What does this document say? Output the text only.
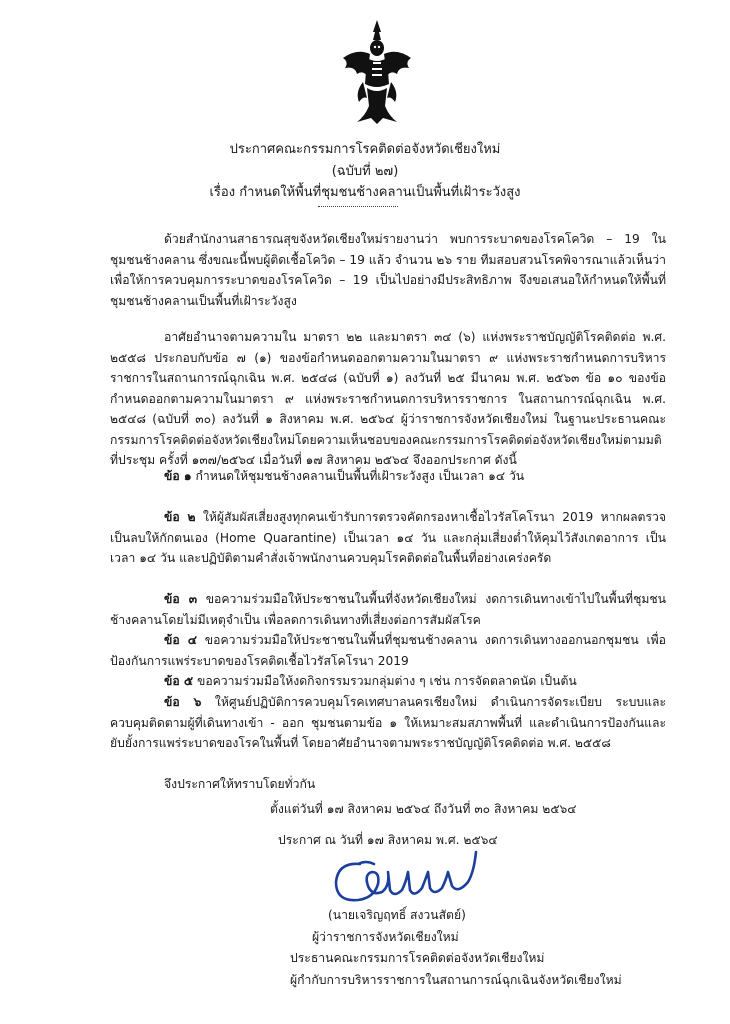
ประกาศคณะกรรมการโรคติดต่อจังหวัดเชียงใหม่
(ฉบับที่ ๒๗)
เรื่อง กำหนดให้พื้นที่ชุมชนช้างคลานเป็นพื้นที่เฝ้าระวังสูง

ด้วยสำนักงานสาธารณสุขจังหวัดเชียงใหม่รายงานว่า พบการระบาดของโรคโควิด – 19 ในชุมชนช้างคลาน ซึ่งขณะนี้พบผู้ติดเชื้อโควิด – 19 แล้ว จำนวน ๒๖ ราย ทีมสอบสวนโรคพิจารณาแล้วเห็นว่า เพื่อให้การควบคุมการระบาดของโรคโควิด – 19 เป็นไปอย่างมีประสิทธิภาพ จึงขอเสนอให้กำหนดให้พื้นที่ชุมชนช้างคลานเป็นพื้นที่เฝ้าระวังสูง

อาศัยอำนาจตามความใน มาตรา ๒๒ และมาตรา ๓๔ (๖) แห่งพระราชบัญญัติโรคติดต่อ พ.ศ. ๒๕๕๘ ประกอบกับข้อ ๗ (๑) ของข้อกำหนดออกตามความในมาตรา ๙ แห่งพระราชกำหนดการบริหารราชการในสถานการณ์ฉุกเฉิน พ.ศ. ๒๕๔๘ (ฉบับที่ ๑) ลงวันที่ ๒๕ มีนาคม พ.ศ. ๒๕๖๓ ข้อ ๑๐ ของข้อกำหนดออกตามความในมาตรา ๙ แห่งพระราชกำหนดการบริหารราชการ ในสถานการณ์ฉุกเฉิน พ.ศ. ๒๕๔๘ (ฉบับที่ ๓๐) ลงวันที่ ๑ สิงหาคม พ.ศ. ๒๕๖๔ ผู้ว่าราชการจังหวัดเชียงใหม่ ในฐานะประธานคณะกรรมการโรคติดต่อจังหวัดเชียงใหม่โดยความเห็นชอบของคณะกรรมการโรคติดต่อจังหวัดเชียงใหม่ตามมติที่ประชุม ครั้งที่ ๑๓๗/๒๕๖๔ เมื่อวันที่ ๑๗ สิงหาคม ๒๕๖๔ จึงออกประกาศ ดังนี้

ข้อ ๑ กำหนดให้ชุมชนช้างคลานเป็นพื้นที่เฝ้าระวังสูง เป็นเวลา ๑๔ วัน

ข้อ ๒ ให้ผู้สัมผัสเสี่ยงสูงทุกคนเข้ารับการตรวจคัดกรองหาเชื้อไวรัสโคโรนา 2019 หากผลตรวจเป็นลบให้กักตนเอง (Home Quarantine) เป็นเวลา ๑๔ วัน และกลุ่มเสี่ยงต่ำให้คุมไว้สังเกตอาการ เป็นเวลา ๑๔ วัน และปฏิบัติตามคำสั่งเจ้าพนักงานควบคุมโรคติดต่อในพื้นที่อย่างเคร่งครัด

ข้อ ๓ ขอความร่วมมือให้ประชาชนในพื้นที่จังหวัดเชียงใหม่ งดการเดินทางเข้าไปในพื้นที่ชุมชนช้างคลานโดยไม่มีเหตุจำเป็น เพื่อลดการเดินทางที่เสี่ยงต่อการสัมผัสโรค

ข้อ ๔ ขอความร่วมมือให้ประชาชนในพื้นที่ชุมชนช้างคลาน งดการเดินทางออกนอกชุมชน เพื่อป้องกันการแพร่ระบาดของโรคติดเชื้อไวรัสโคโรนา 2019

ข้อ ๕ ขอความร่วมมือให้งดกิจกรรมรวมกลุ่มต่าง ๆ เช่น การจัดตลาดนัด เป็นต้น

ข้อ ๖ ให้ศูนย์ปฏิบัติการควบคุมโรคเทศบาลนครเชียงใหม่ ดำเนินการจัดระเบียบ ระบบและควบคุมติดตามผู้ที่เดินทางเข้า - ออก ชุมชนตามข้อ ๑ ให้เหมาะสมสภาพพื้นที่ และดำเนินการป้องกันและยับยั้งการแพร่ระบาดของโรคในพื้นที่ โดยอาศัยอำนาจตามพระราชบัญญัติโรคติดต่อ พ.ศ. ๒๕๕๘

จึงประกาศให้ทราบโดยทั่วกัน

ตั้งแต่วันที่ ๑๗ สิงหาคม ๒๕๖๔ ถึงวันที่ ๓๐ สิงหาคม ๒๕๖๔

ประกาศ ณ วันที่ ๑๗ สิงหาคม พ.ศ. ๒๕๖๔

(นายเจริญฤทธิ์ สงวนสัตย์)
ผู้ว่าราชการจังหวัดเชียงใหม่
ประธานคณะกรรมการโรคติดต่อจังหวัดเชียงใหม่
ผู้กำกับการบริหารราชการในสถานการณ์ฉุกเฉินจังหวัดเชียงใหม่
